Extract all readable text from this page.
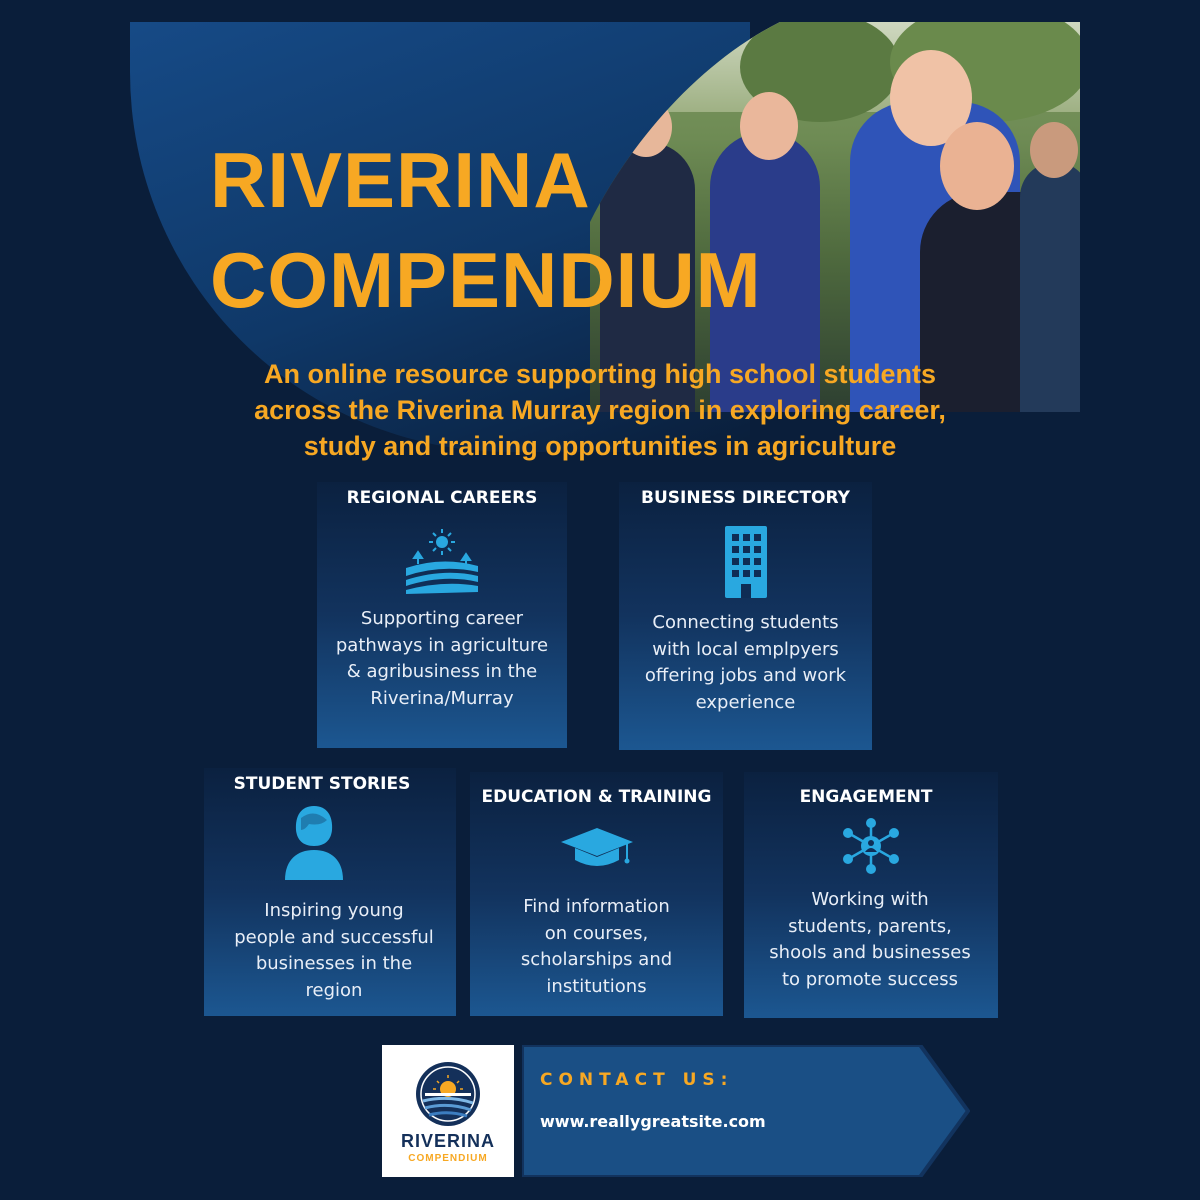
RIVERINA
COMPENDIUM

An online resource supporting high school students
across the Riverina Murray region in exploring career,
study and training opportunities in agriculture

REGIONAL CAREERS
Supporting career
pathways in agriculture
& agribusiness in the
Riverina/Murray
BUSINESS DIRECTORY
Connecting students
with local emplpyers
offering jobs and work
experience
STUDENT STORIES
Inspiring young
people and successful
businesses in the
region
EDUCATION & TRAINING
Find information
on courses,
scholarships and
institutions
ENGAGEMENT
Working with
students, parents,
shools and businesses
to promote success
RIVERINA
COMPENDIUM
CONTACT US:
www.reallygreatsite.com
